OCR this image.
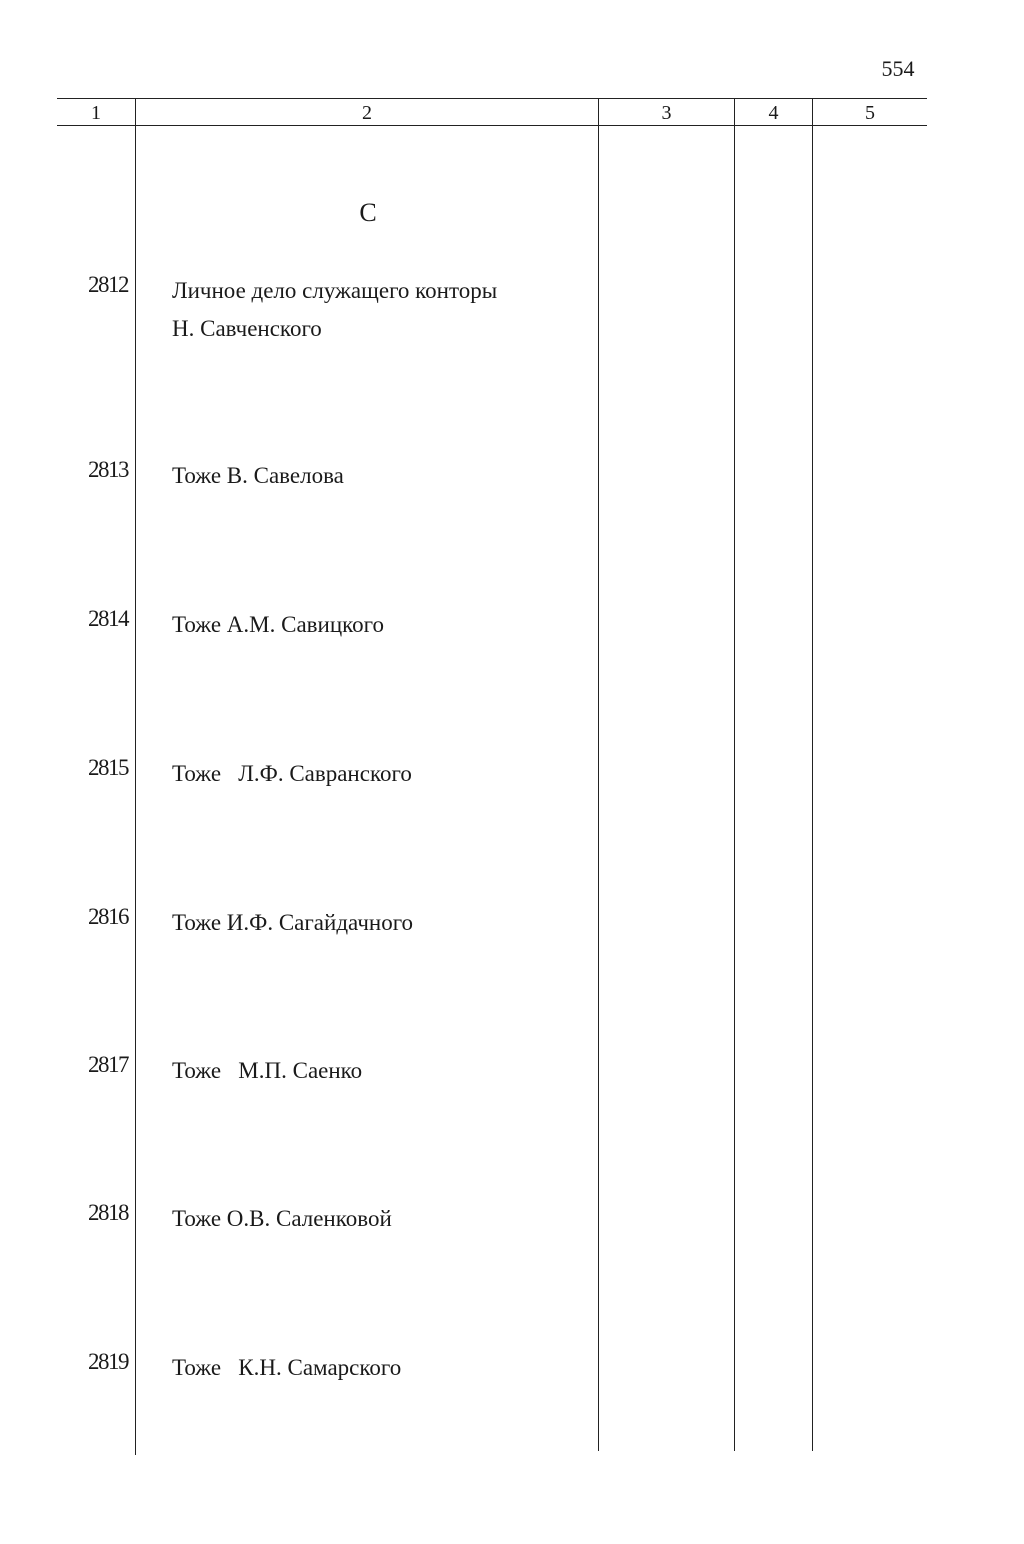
554
1	2	3	4	5
С
2812 Личное дело служащего конторы
Н. Савченского
2813 Тоже В. Савелова
2814 Тоже А.М. Савицкого
2815 Тоже   Л.Ф. Савранского
2816 Тоже И.Ф. Сагайдачного
2817 Тоже   М.П. Саенко
2818 Тоже О.В. Саленковой
2819 Тоже   К.Н. Самарского
